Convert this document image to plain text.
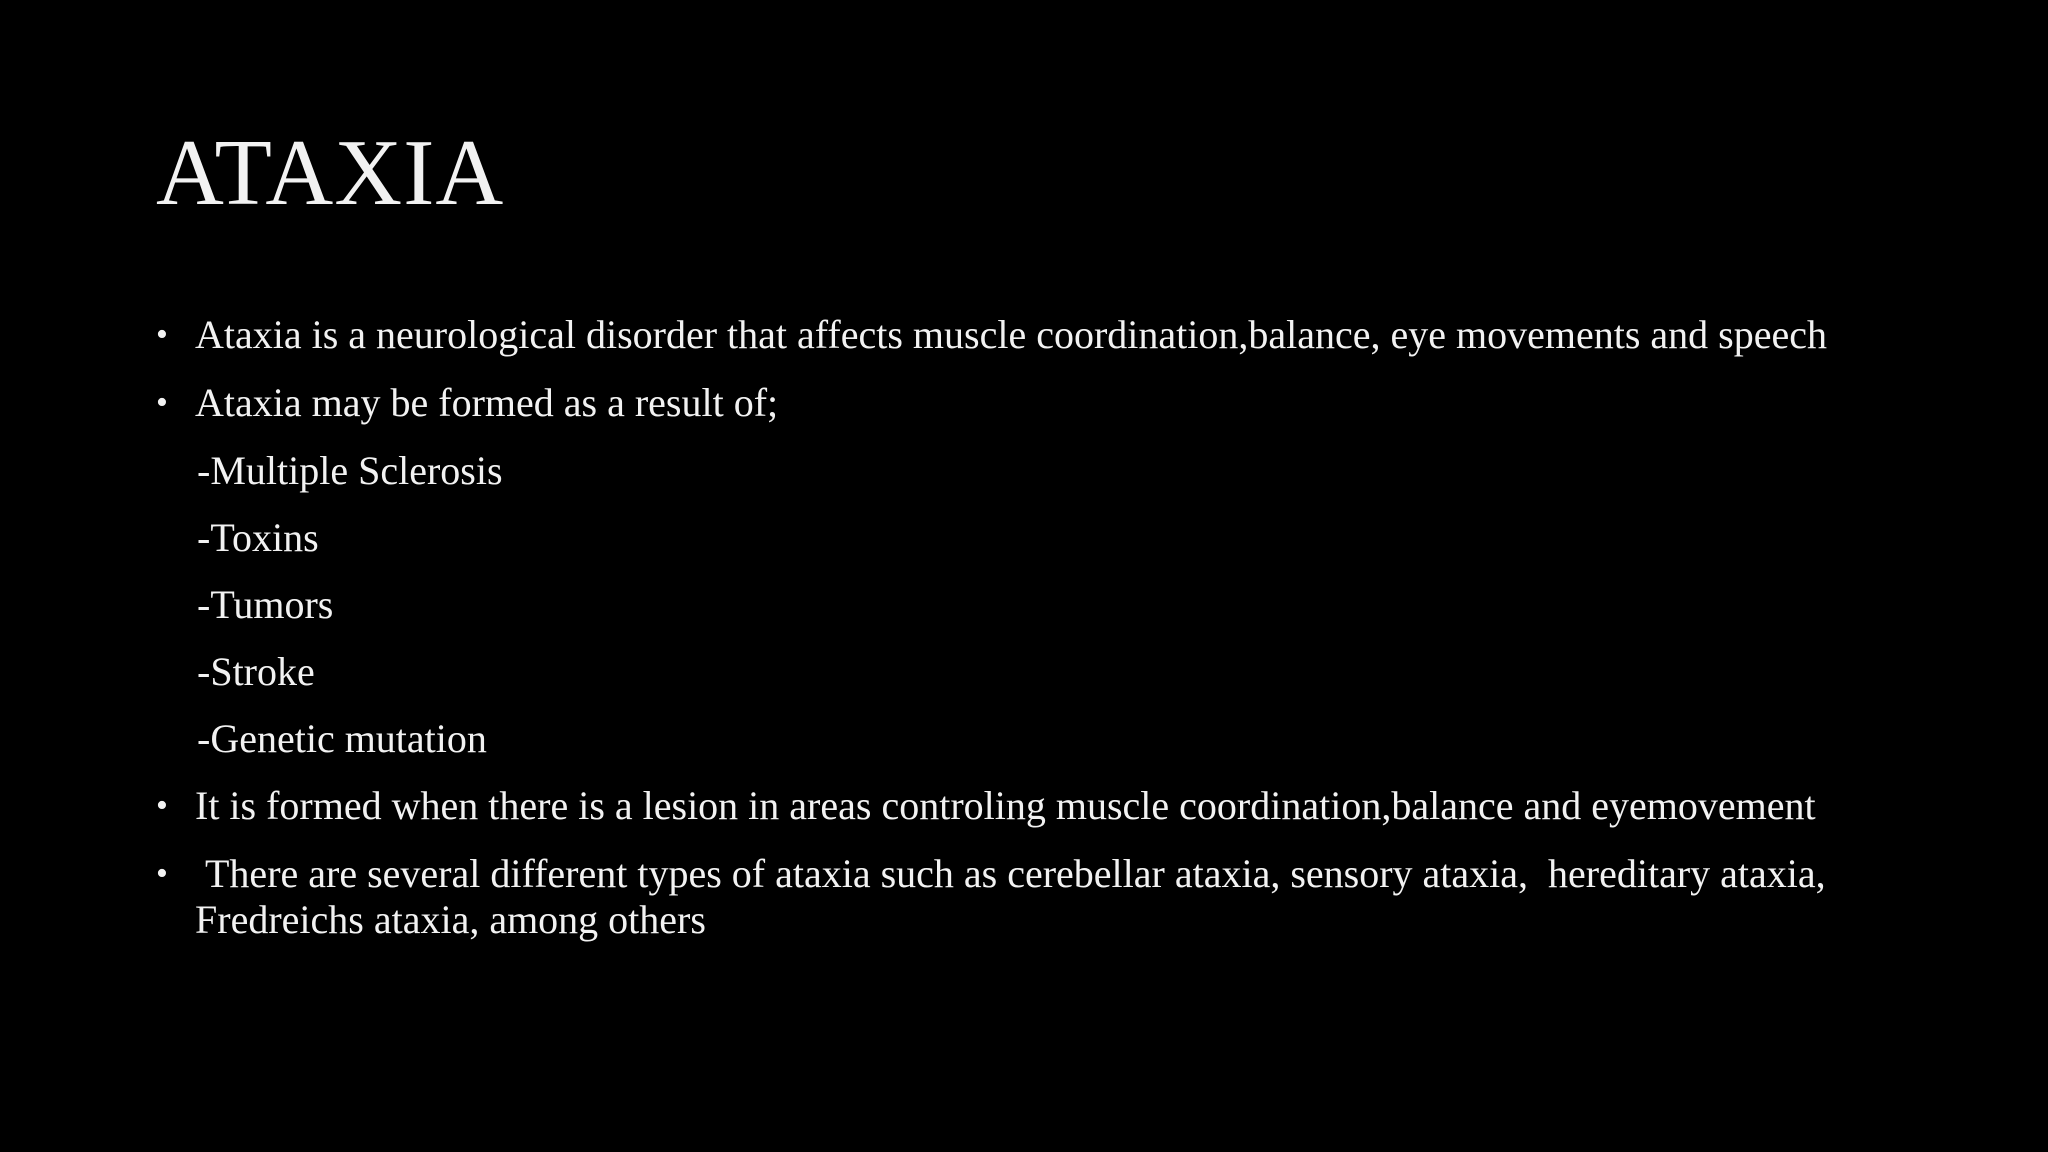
ATAXIA
• Ataxia is a neurological disorder that affects muscle coordination,balance, eye movements and speech
• Ataxia may be formed as a result of;
-Multiple Sclerosis
-Toxins
-Tumors
-Stroke
-Genetic mutation
• It is formed when there is a lesion in areas controling muscle coordination,balance and eyemovement
• There are several different types of ataxia such as cerebellar ataxia, sensory ataxia,  hereditary ataxia, Fredreichs ataxia, among others
